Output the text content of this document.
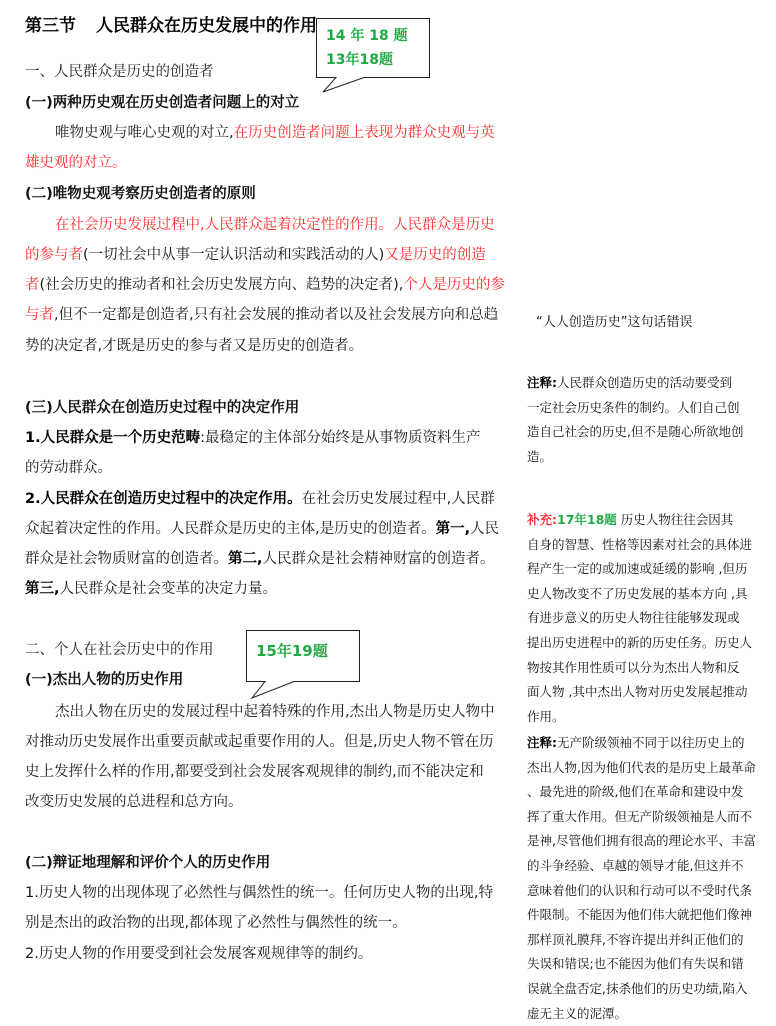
第三节 人民群众在历史发展中的作用 14 年 18 题
13年18题
一、人民群众是历史的创造者
(一)两种历史观在历史创造者问题上的对立
唯物史观与唯心史观的对立,在历史创造者问题上表现为群众史观与英
雄史观的对立。
(二)唯物史观考察历史创造者的原则
在社会历史发展过程中,人民群众起着决定性的作用。人民群众是历史
的参与者(一切社会中从事一定认识活动和实践活动的人)又是历史的创造
者(社会历史的推动者和社会历史发展方向、趋势的决定者),个人是历史的参
与者,但不一定都是创造者,只有社会发展的推动者以及社会发展方向和总趋
势的决定者,才既是历史的参与者又是历史的创造者。
(三)人民群众在创造历史过程中的决定作用
1.人民群众是一个历史范畴:最稳定的主体部分始终是从事物质资料生产
的劳动群众。
2.人民群众在创造历史过程中的决定作用。在社会历史发展过程中,人民群
众起着决定性的作用。人民群众是历史的主体,是历史的创造者。第一,人民
群众是社会物质财富的创造者。第二,人民群众是社会精神财富的创造者。
第三,人民群众是社会变革的决定力量。
二、个人在社会历史中的作用	15年19题
(一)杰出人物的历史作用
杰出人物在历史的发展过程中起着特殊的作用,杰出人物是历史人物中
对推动历史发展作出重要贡献或起重要作用的人。但是,历史人物不管在历
史上发挥什么样的作用,都要受到社会发展客观规律的制约,而不能决定和
改变历史发展的总进程和总方向。
(二)辩证地理解和评价个人的历史作用
1.历史人物的出现体现了必然性与偶然性的统一。任何历史人物的出现,特
别是杰出的政治物的出现,都体现了必然性与偶然性的统一。
2.历史人物的作用要受到社会发展客观规律等的制约。
“人人创造历史”这句话错误
注释:人民群众创造历史的活动要受到
一定社会历史条件的制约。人们自己创
造自己社会的历史,但不是随心所欲地创
造。
补充:17年18题 历史人物往往会因其
自身的智慧、性格等因素对社会的具体进
程产生一定的或加速或延缓的影响 ,但历
史人物改变不了历史发展的基本方向 ,具
有进步意义的历史人物往往能够发现或
提出历史进程中的新的历史任务。历史人
物按其作用性质可以分为杰出人物和反
面人物 ,其中杰出人物对历史发展起推动
作用。
注释:无产阶级领袖不同于以往历史上的
杰出人物,因为他们代表的是历史上最革命
、最先进的阶级,他们在革命和建设中发
挥了重大作用。但无产阶级领袖是人而不
是神,尽管他们拥有很高的理论水平、丰富
的斗争经验、卓越的领导才能,但这并不
意味着他们的认识和行动可以不受时代条
件限制。不能因为他们伟大就把他们像神
那样顶礼膜拜,不容许提出并纠正他们的
失误和错误;也不能因为他们有失误和错
误就全盘否定,抹杀他们的历史功绩,陷入
虚无主义的泥潭。
